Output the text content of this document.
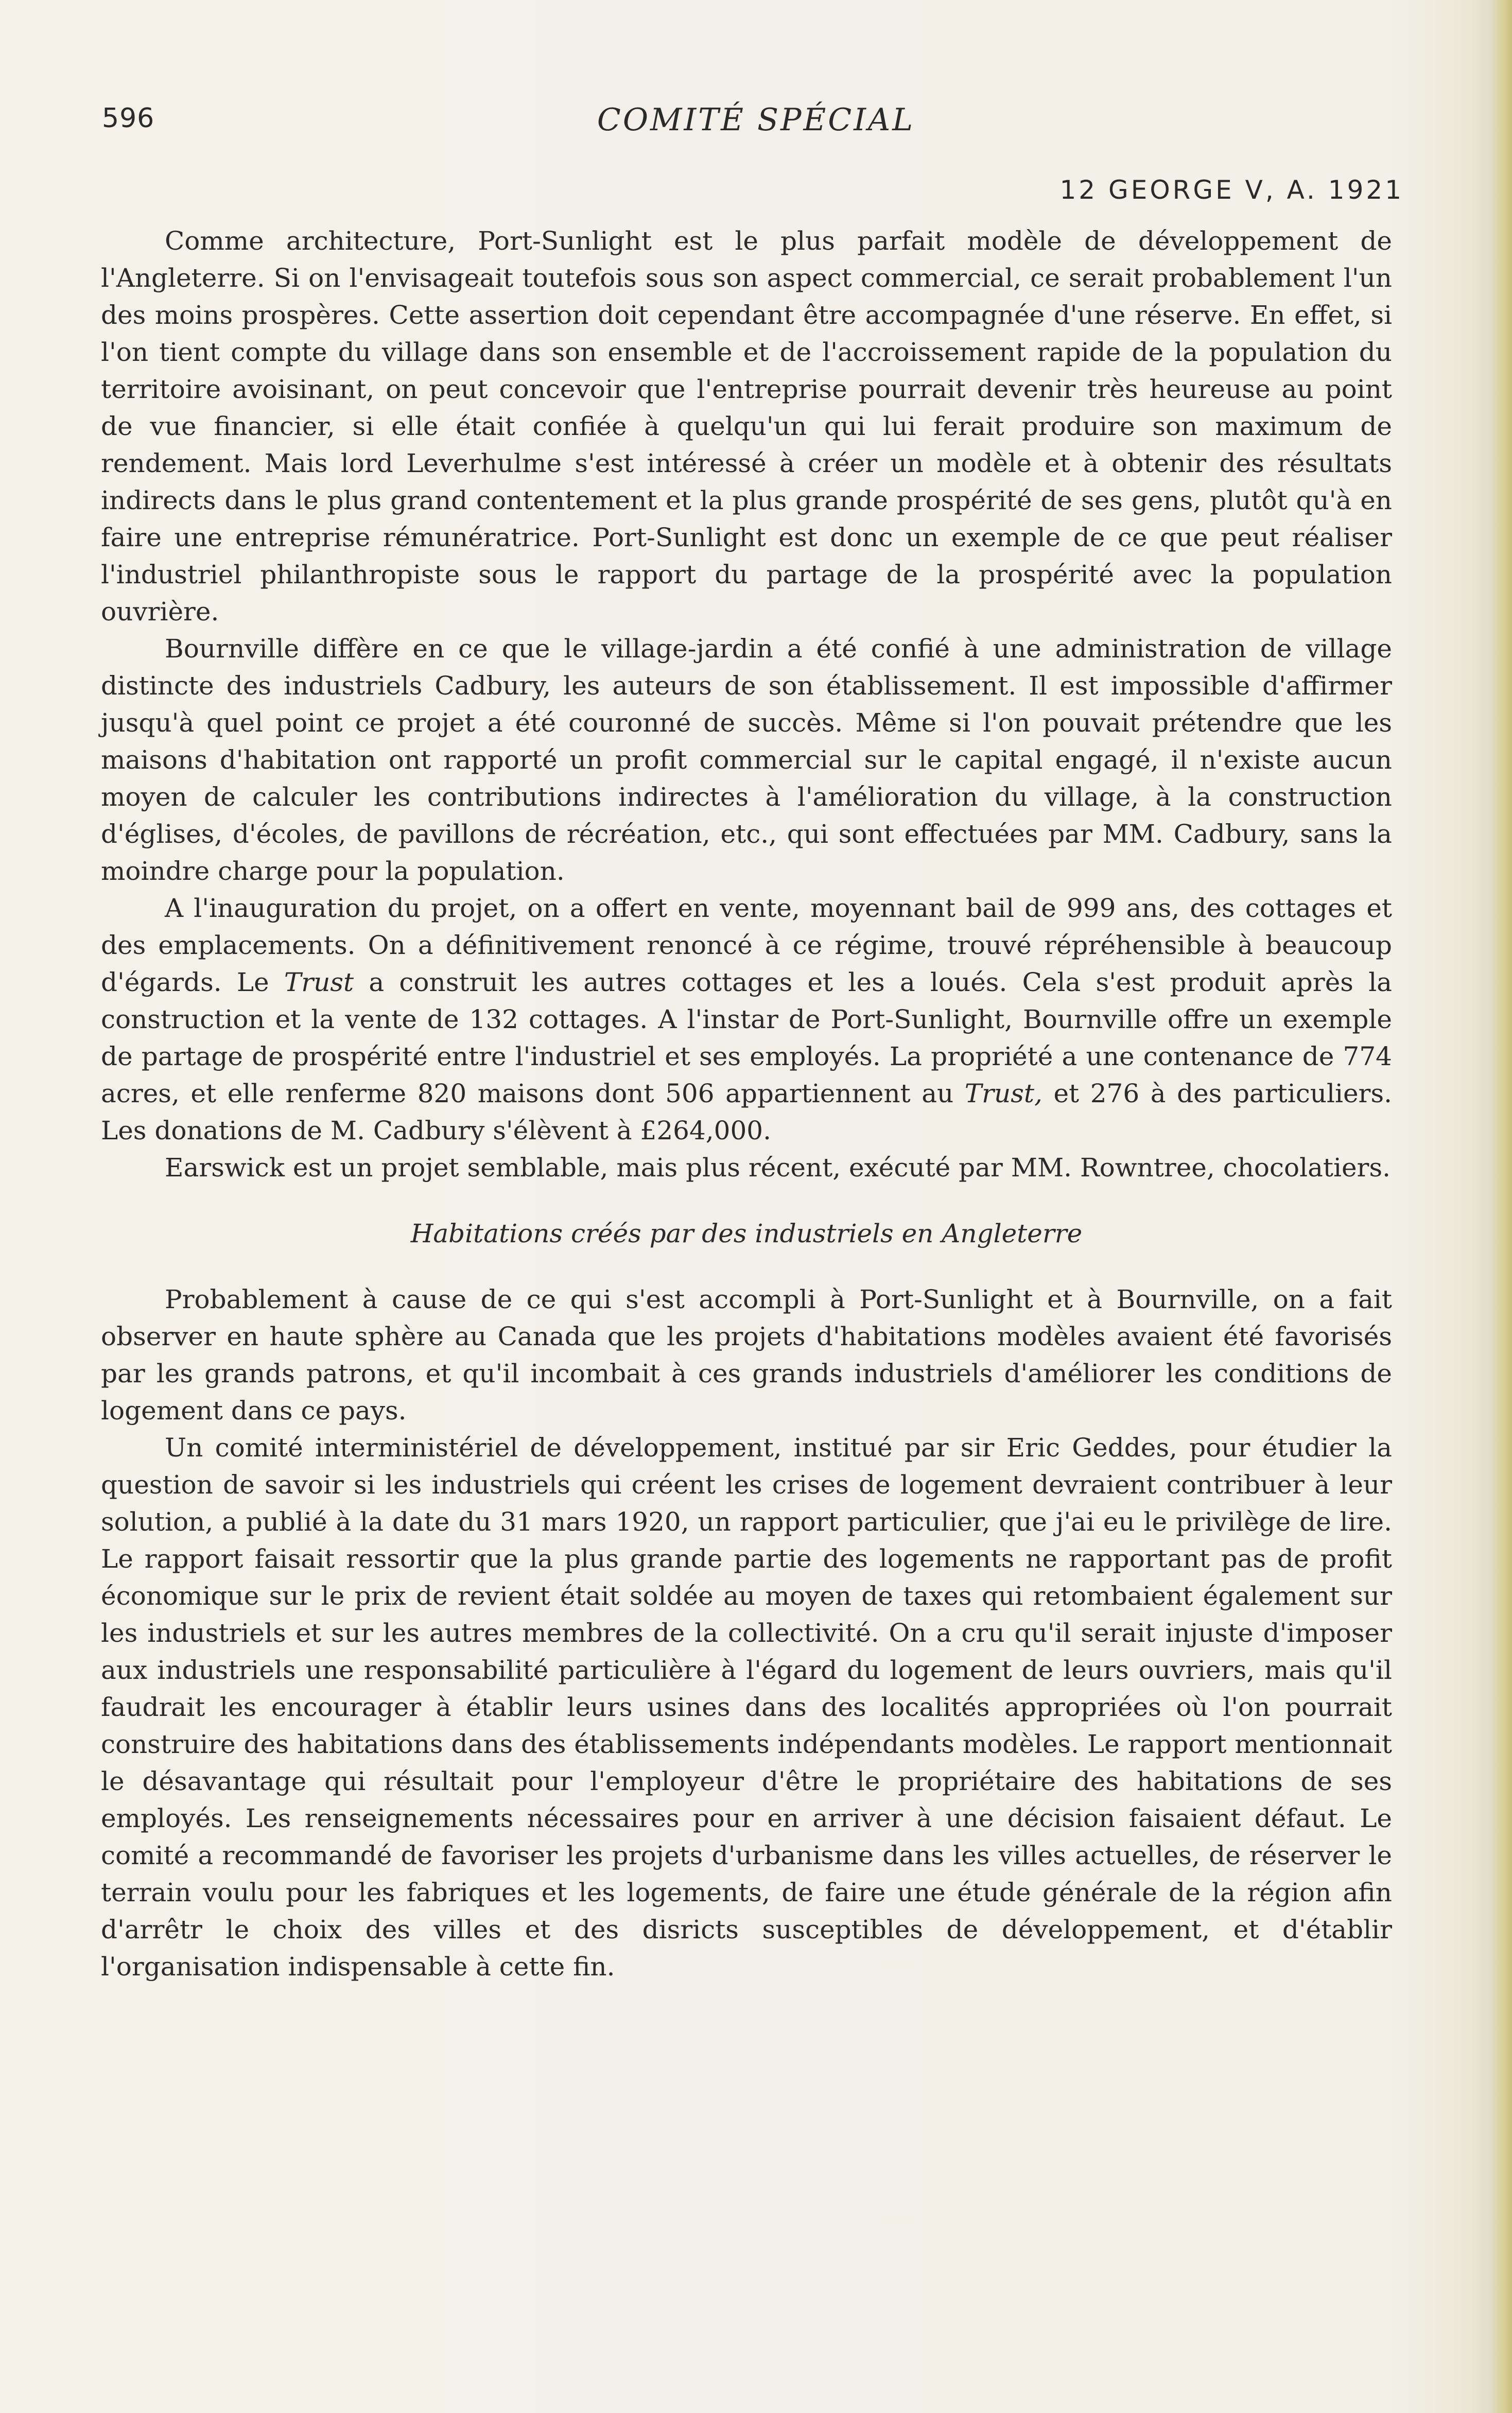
596	COMITÉ SPÉCIAL
12 GEORGE V, A. 1921

Comme architecture, Port-Sunlight est le plus parfait modèle de développement de l'Angleterre. Si on l'envisageait toutefois sous son aspect commercial, ce serait probablement l'un des moins prospères. Cette assertion doit cependant être accompagnée d'une réserve. En effet, si l'on tient compte du village dans son ensemble et de l'accroissement rapide de la population du territoire avoisinant, on peut concevoir que l'entreprise pourrait devenir très heureuse au point de vue financier, si elle était confiée à quelqu'un qui lui ferait produire son maximum de rendement. Mais lord Leverhulme s'est intéressé à créer un modèle et à obtenir des résultats indirects dans le plus grand contentement et la plus grande prospérité de ses gens, plutôt qu'à en faire une entreprise rémunératrice. Port-Sunlight est donc un exemple de ce que peut réaliser l'industriel philanthropiste sous le rapport du partage de la prospérité avec la population ouvrière.

Bournville diffère en ce que le village-jardin a été confié à une administration de village distincte des industriels Cadbury, les auteurs de son établissement. Il est impossible d'affirmer jusqu'à quel point ce projet a été couronné de succès. Même si l'on pouvait prétendre que les maisons d'habitation ont rapporté un profit commercial sur le capital engagé, il n'existe aucun moyen de calculer les contributions indirectes à l'amélioration du village, à la construction d'églises, d'écoles, de pavillons de récréation, etc., qui sont effectuées par MM. Cadbury, sans la moindre charge pour la population.

A l'inauguration du projet, on a offert en vente, moyennant bail de 999 ans, des cottages et des emplacements. On a définitivement renoncé à ce régime, trouvé répréhensible à beaucoup d'égards. Le Trust a construit les autres cottages et les a loués. Cela s'est produit après la construction et la vente de 132 cottages. A l'instar de Port-Sunlight, Bournville offre un exemple de partage de prospérité entre l'industriel et ses employés. La propriété a une contenance de 774 acres, et elle renferme 820 maisons dont 506 appartiennent au Trust, et 276 à des particuliers. Les donations de M. Cadbury s'élèvent à £264,000.

Earswick est un projet semblable, mais plus récent, exécuté par MM. Rowntree, chocolatiers.

Habitations créés par des industriels en Angleterre

Probablement à cause de ce qui s'est accompli à Port-Sunlight et à Bournville, on a fait observer en haute sphère au Canada que les projets d'habitations modèles avaient été favorisés par les grands patrons, et qu'il incombait à ces grands industriels d'améliorer les conditions de logement dans ce pays.

Un comité interministériel de développement, institué par sir Eric Geddes, pour étudier la question de savoir si les industriels qui créent les crises de logement devraient contribuer à leur solution, a publié à la date du 31 mars 1920, un rapport particulier, que j'ai eu le privilège de lire. Le rapport faisait ressortir que la plus grande partie des logements ne rapportant pas de profit économique sur le prix de revient était soldée au moyen de taxes qui retombaient également sur les industriels et sur les autres membres de la collectivité. On a cru qu'il serait injuste d'imposer aux industriels une responsabilité particulière à l'égard du logement de leurs ouvriers, mais qu'il faudrait les encourager à établir leurs usines dans des localités appropriées où l'on pourrait construire des habitations dans des établissements indépendants modèles. Le rapport mentionnait le désavantage qui résultait pour l'employeur d'être le propriétaire des habitations de ses employés. Les renseignements nécessaires pour en arriver à une décision faisaient défaut. Le comité a recommandé de favoriser les projets d'urbanisme dans les villes actuelles, de réserver le terrain voulu pour les fabriques et les logements, de faire une étude générale de la région afin d'arrêtr le choix des villes et des disricts susceptibles de développement, et d'établir l'organisation indispensable à cette fin.
